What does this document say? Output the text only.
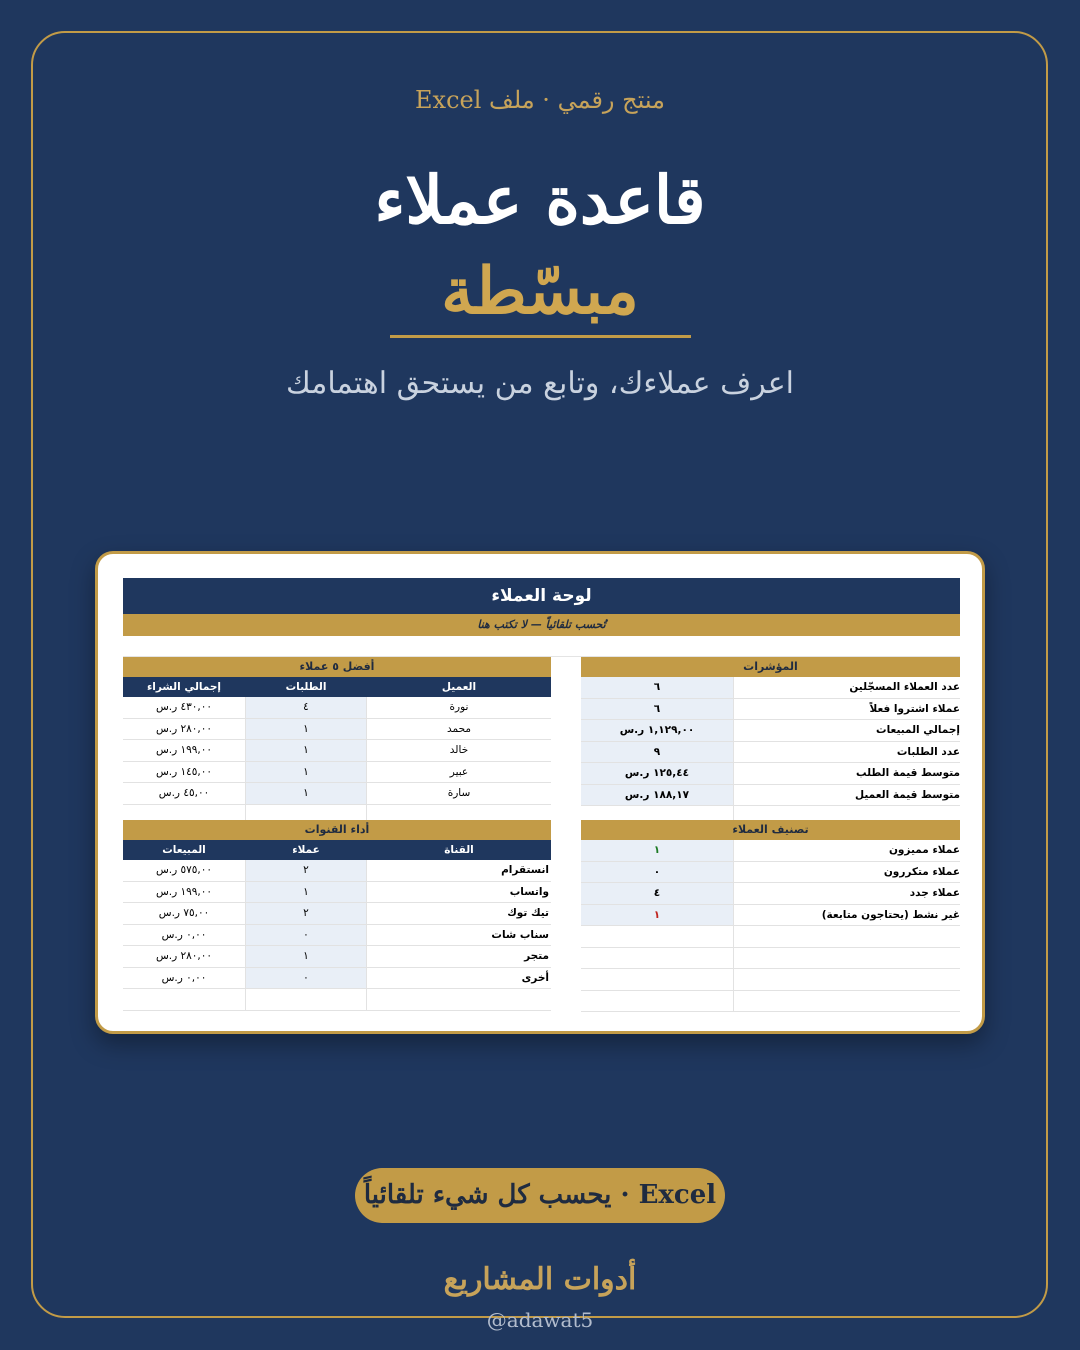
منتج رقمي · ملف Excel
قاعدة عملاء
مبسّطة
اعرف عملاءك، وتابع من يستحق اهتمامك
لوحة العملاء
تُحسب تلقائياً — لا تكتب هنا
أفضل ٥ عملاء
إجمالي الشراء	الطلبات	العميل
٤٣٠,٠٠ ر.س	٤	نورة
٢٨٠,٠٠ ر.س	١	محمد
١٩٩,٠٠ ر.س	١	خالد
١٤٥,٠٠ ر.س	١	عبير
٤٥,٠٠ ر.س	١	سارة
المؤشرات
٦	عدد العملاء المسجّلين
٦	عملاء اشتروا فعلاً
١,١٢٩,٠٠ ر.س	إجمالي المبيعات
٩	عدد الطلبات
١٢٥,٤٤ ر.س	متوسط قيمة الطلب
١٨٨,١٧ ر.س	متوسط قيمة العميل
أداء القنوات
المبيعات	عملاء	القناة
٥٧٥,٠٠ ر.س	٢	انستقرام
١٩٩,٠٠ ر.س	١	واتساب
٧٥,٠٠ ر.س	٢	تيك توك
٠,٠٠ ر.س	٠	سناب شات
٢٨٠,٠٠ ر.س	١	متجر
٠,٠٠ ر.س	٠	أخرى
تصنيف العملاء
١	عملاء مميزون
٠	عملاء متكررون
٤	عملاء جدد
١	غير نشط (يحتاجون متابعة)
Excel · يحسب كل شيء تلقائياً
أدوات المشاريع
@adawat5
